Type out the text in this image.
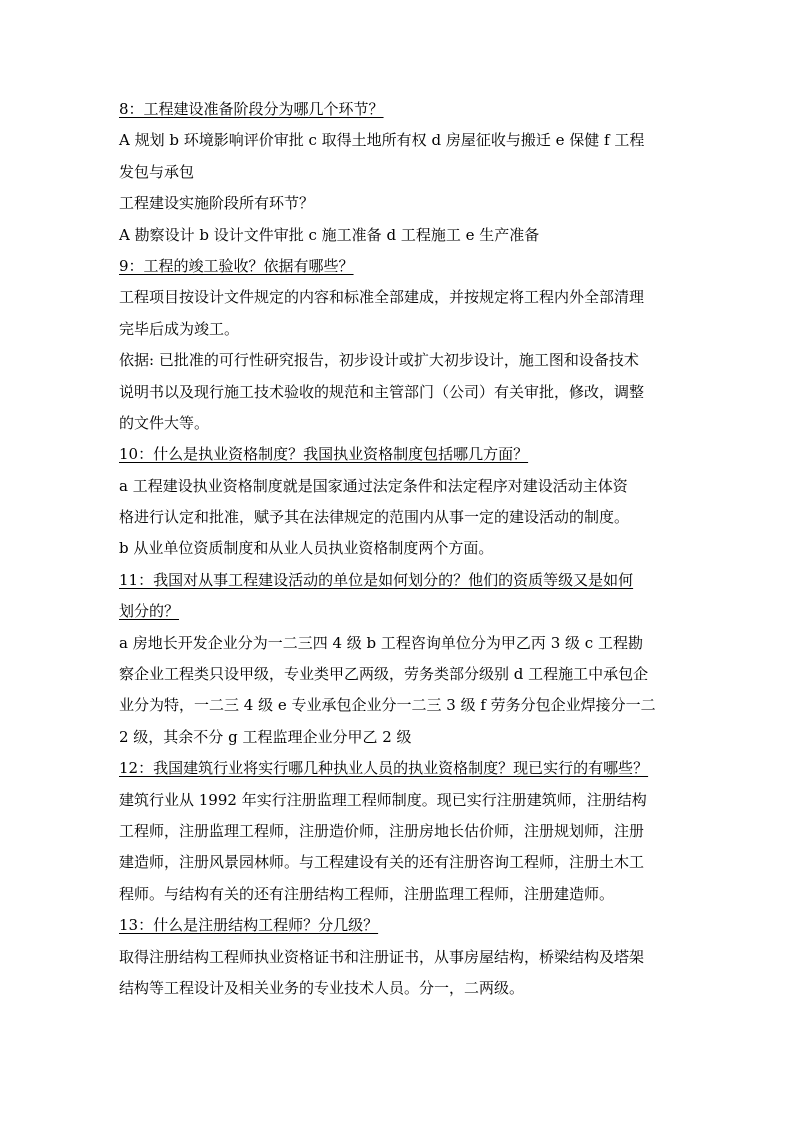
8：工程建设准备阶段分为哪几个环节？
A 规划 b 环境影响评价审批 c 取得土地所有权 d 房屋征收与搬迁 e 保健 f 工程
发包与承包
工程建设实施阶段所有环节？
A 勘察设计 b 设计文件审批 c 施工准备 d 工程施工 e 生产准备
9：工程的竣工验收？依据有哪些？
工程项目按设计文件规定的内容和标准全部建成，并按规定将工程内外全部清理
完毕后成为竣工。
依据: 已批准的可行性研究报告，初步设计或扩大初步设计，施工图和设备技术
说明书以及现行施工技术验收的规范和主管部门（公司）有关审批，修改，调整
的文件大等。
10：什么是执业资格制度？我国执业资格制度包括哪几方面？
a 工程建设执业资格制度就是国家通过法定条件和法定程序对建设活动主体资
格进行认定和批准，赋予其在法律规定的范围内从事一定的建设活动的制度。
b 从业单位资质制度和从业人员执业资格制度两个方面。
11：我国对从事工程建设活动的单位是如何划分的？他们的资质等级又是如何
划分的？
a 房地长开发企业分为一二三四 4 级 b 工程咨询单位分为甲乙丙 3 级 c 工程勘
察企业工程类只设甲级，专业类甲乙两级，劳务类部分级别 d 工程施工中承包企
业分为特，一二三 4 级 e 专业承包企业分一二三 3 级 f 劳务分包企业焊接分一二
2 级，其余不分 g 工程监理企业分甲乙 2 级
12：我国建筑行业将实行哪几种执业人员的执业资格制度？现已实行的有哪些？
建筑行业从 1992 年实行注册监理工程师制度。现已实行注册建筑师，注册结构
工程师，注册监理工程师，注册造价师，注册房地长估价师，注册规划师，注册
建造师，注册风景园林师。与工程建设有关的还有注册咨询工程师，注册土木工
程师。与结构有关的还有注册结构工程师，注册监理工程师，注册建造师。
13：什么是注册结构工程师？分几级？
取得注册结构工程师执业资格证书和注册证书，从事房屋结构，桥梁结构及塔架
结构等工程设计及相关业务的专业技术人员。分一，二两级。
